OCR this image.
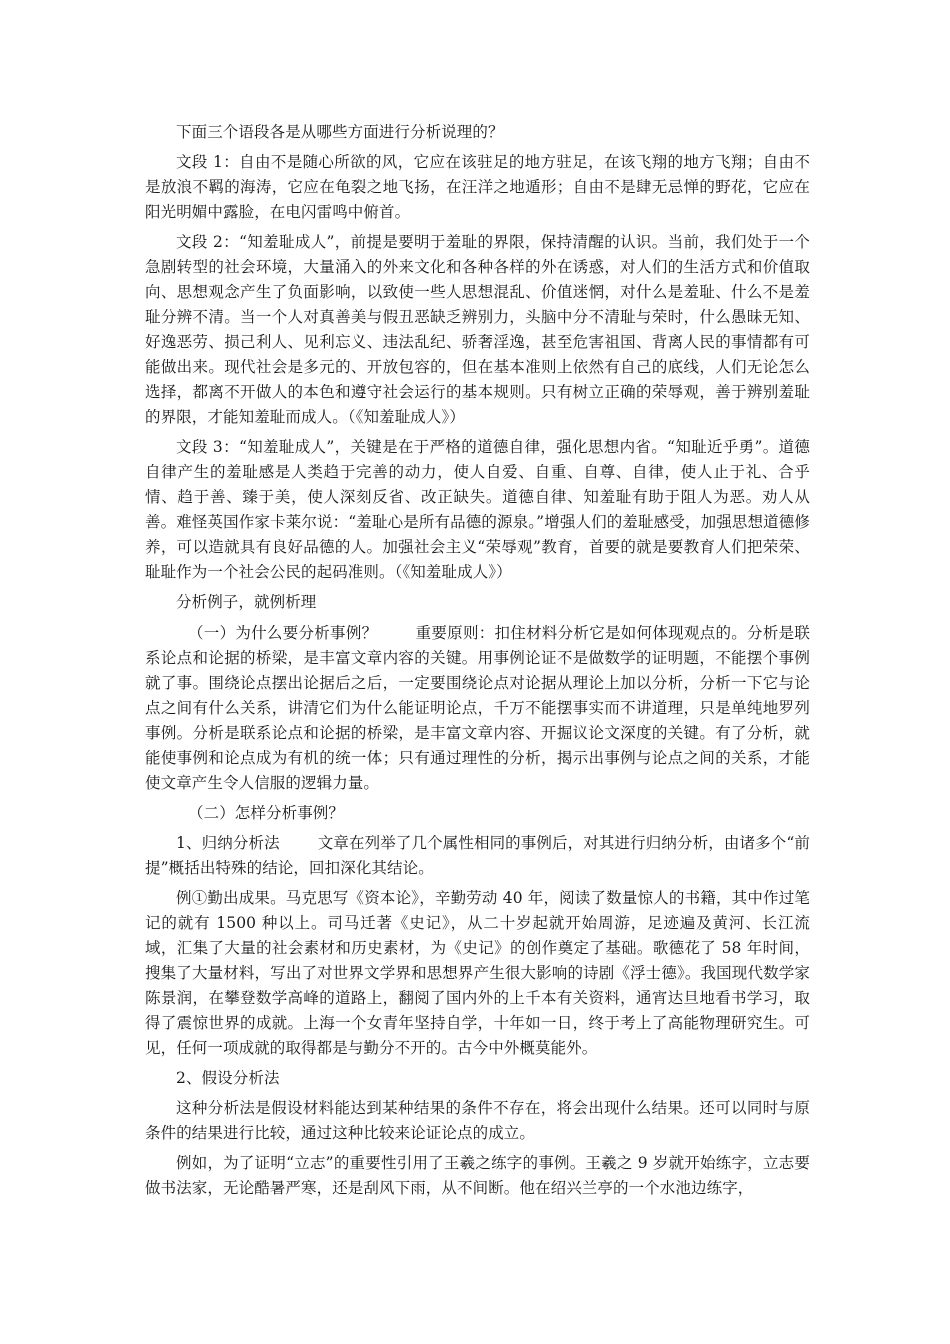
下面三个语段各是从哪些方面进行分析说理的？

文段 1：自由不是随心所欲的风，它应在该驻足的地方驻足，在该飞翔的地方飞翔；自由不是放浪不羁的海涛，它应在龟裂之地飞扬，在汪洋之地遁形；自由不是肆无忌惮的野花，它应在阳光明媚中露脸，在电闪雷鸣中俯首。

文段 2：“知羞耻成人”，前提是要明于羞耻的界限，保持清醒的认识。当前，我们处于一个急剧转型的社会环境，大量涌入的外来文化和各种各样的外在诱惑，对人们的生活方式和价值取向、思想观念产生了负面影响，以致使一些人思想混乱、价值迷惘，对什么是羞耻、什么不是羞耻分辨不清。当一个人对真善美与假丑恶缺乏辨别力，头脑中分不清耻与荣时，什么愚昧无知、好逸恶劳、损己利人、见利忘义、违法乱纪、骄奢淫逸，甚至危害祖国、背离人民的事情都有可能做出来。现代社会是多元的、开放包容的，但在基本准则上依然有自己的底线，人们无论怎么选择，都离不开做人的本色和遵守社会运行的基本规则。只有树立正确的荣辱观，善于辨别羞耻的界限，才能知羞耻而成人。（《知羞耻成人》）

文段 3：“知羞耻成人”，关键是在于严格的道德自律，强化思想内省。“知耻近乎勇”。道德自律产生的羞耻感是人类趋于完善的动力，使人自爱、自重、自尊、自律，使人止于礼、合乎情、趋于善、臻于美，使人深刻反省、改正缺失。道德自律、知羞耻有助于阻人为恶。劝人从善。难怪英国作家卡莱尔说：“羞耻心是所有品德的源泉。”增强人们的羞耻感受，加强思想道德修养，可以造就具有良好品德的人。加强社会主义“荣辱观”教育，首要的就是要教育人们把荣荣、耻耻作为一个社会公民的起码准则。（《知羞耻成人》）

分析例子，就例析理

（一）为什么要分析事例？ 重要原则：扣住材料分析它是如何体现观点的。分析是联系论点和论据的桥梁，是丰富文章内容的关键。用事例论证不是做数学的证明题，不能摆个事例就了事。围绕论点摆出论据后之后，一定要围绕论点对论据从理论上加以分析，分析一下它与论点之间有什么关系，讲清它们为什么能证明论点，千万不能摆事实而不讲道理，只是单纯地罗列事例。分析是联系论点和论据的桥梁，是丰富文章内容、开掘议论文深度的关键。有了分析，就能使事例和论点成为有机的统一体；只有通过理性的分析，揭示出事例与论点之间的关系，才能使文章产生令人信服的逻辑力量。

（二）怎样分析事例？

1、归纳分析法 文章在列举了几个属性相同的事例后，对其进行归纳分析，由诸多个“前提”概括出特殊的结论，回扣深化其结论。

例①勤出成果。马克思写《资本论》，辛勤劳动 40 年，阅读了数量惊人的书籍，其中作过笔记的就有 1500 种以上。司马迁著《史记》，从二十岁起就开始周游，足迹遍及黄河、长江流域，汇集了大量的社会素材和历史素材，为《史记》的创作奠定了基础。歌德花了 58 年时间，搜集了大量材料，写出了对世界文学界和思想界产生很大影响的诗剧《浮士德》。我国现代数学家陈景润，在攀登数学高峰的道路上，翻阅了国内外的上千本有关资料，通宵达旦地看书学习，取得了震惊世界的成就。上海一个女青年坚持自学，十年如一日，终于考上了高能物理研究生。可见，任何一项成就的取得都是与勤分不开的。古今中外概莫能外。

2、假设分析法

这种分析法是假设材料能达到某种结果的条件不存在，将会出现什么结果。还可以同时与原条件的结果进行比较，通过这种比较来论证论点的成立。

例如，为了证明“立志”的重要性引用了王羲之练字的事例。王羲之 9 岁就开始练字，立志要做书法家，无论酷暑严寒，还是刮风下雨，从不间断。他在绍兴兰亭的一个水池边练字，
